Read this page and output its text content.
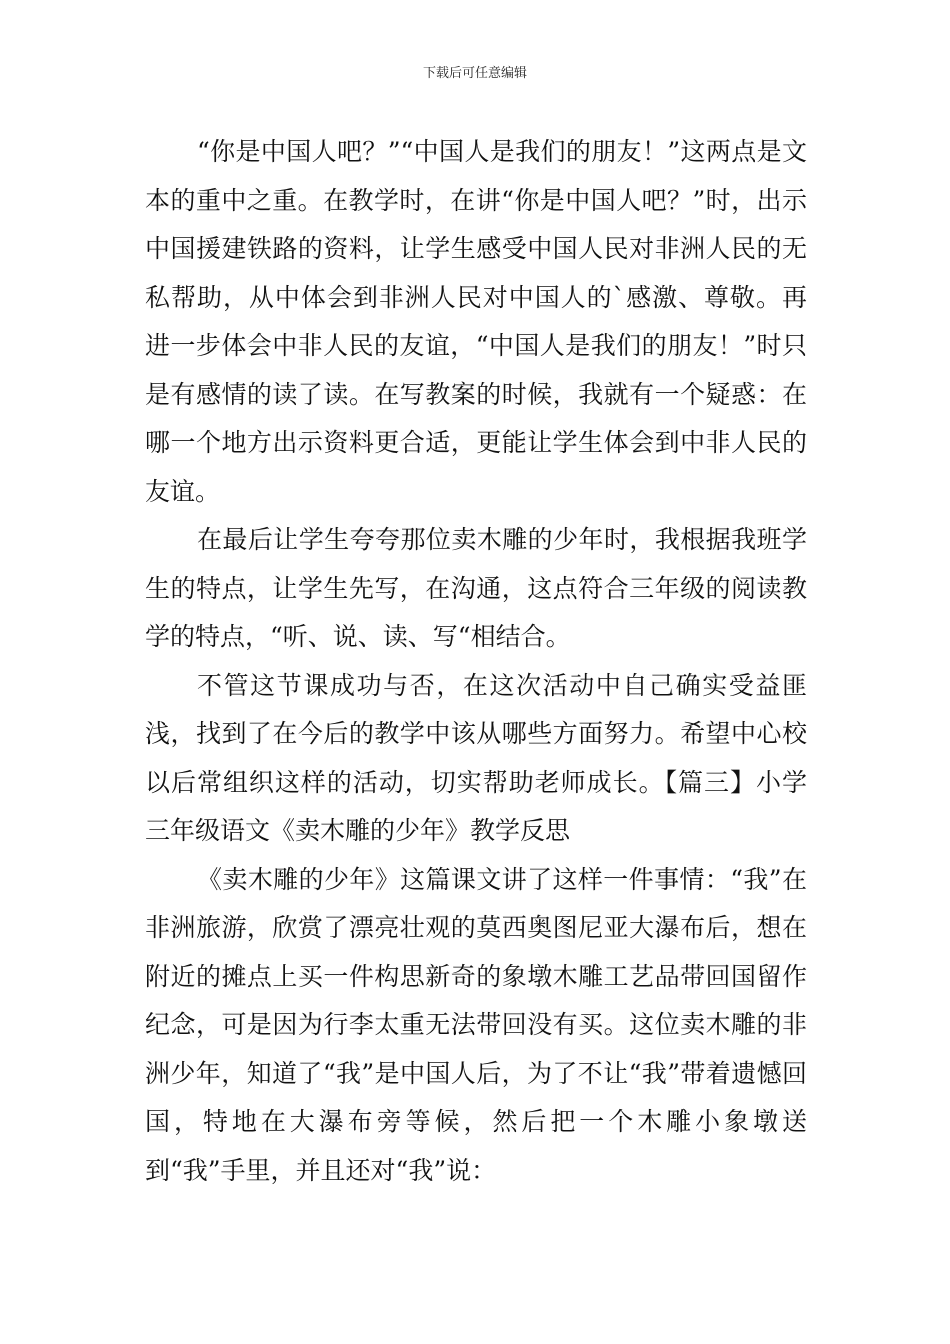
下载后可任意编辑

“你是中国人吧？”“中国人是我们的朋友！”这两点是文本的重中之重。在教学时，在讲“你是中国人吧？”时，出示中国援建铁路的资料，让学生感受中国人民对非洲人民的无私帮助，从中体会到非洲人民对中国人的`感激、尊敬。再进一步体会中非人民的友谊，“中国人是我们的朋友！”时只是有感情的读了读。在写教案的时候，我就有一个疑惑：在哪一个地方出示资料更合适，更能让学生体会到中非人民的友谊。

在最后让学生夸夸那位卖木雕的少年时，我根据我班学生的特点，让学生先写，在沟通，这点符合三年级的阅读教学的特点，“听、说、读、写“相结合。

不管这节课成功与否，在这次活动中自己确实受益匪浅，找到了在今后的教学中该从哪些方面努力。希望中心校以后常组织这样的活动，切实帮助老师成长。【篇三】小学三年级语文《卖木雕的少年》教学反思

《卖木雕的少年》这篇课文讲了这样一件事情：“我”在非洲旅游，欣赏了漂亮壮观的莫西奥图尼亚大瀑布后，想在附近的摊点上买一件构思新奇的象墩木雕工艺品带回国留作纪念，可是因为行李太重无法带回没有买。这位卖木雕的非洲少年，知道了“我”是中国人后，为了不让“我”带着遗憾回国，特地在大瀑布旁等候，然后把一个木雕小象墩送到“我”手里，并且还对“我”说：
